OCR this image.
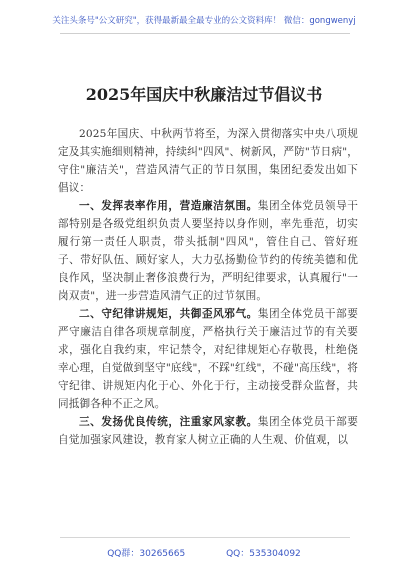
关注头条号"公文研究"，获得最新最全最专业的公文资料库！ 微信：gongwenyj
2025年国庆中秋廉洁过节倡议书

2025年国庆、中秋两节将至，为深入贯彻落实中央八项规定及其实施细则精神，持续纠"四风"、树新风，严防"节日病"，守住"廉洁关"，营造风清气正的节日氛围，集团纪委发出如下倡议：

一、发挥表率作用，营造廉洁氛围。集团全体党员领导干部特别是各级党组织负责人要坚持以身作则，率先垂范，切实履行第一责任人职责，带头抵制"四风"，管住自己、管好班子、带好队伍、顾好家人，大力弘扬勤俭节约的传统美德和优良作风，坚决制止奢侈浪费行为，严明纪律要求，认真履行"一岗双责"，进一步营造风清气正的过节氛围。

二、守纪律讲规矩，共御歪风邪气。集团全体党员干部要严守廉洁自律各项规章制度，严格执行关于廉洁过节的有关要求，强化自我约束，牢记禁令，对纪律规矩心存敬畏，杜绝侥幸心理，自觉做到坚守"底线"，不踩"红线"，不碰"高压线"，将守纪律、讲规矩内化于心、外化于行，主动接受群众监督，共同抵御各种不正之风。

三、发扬优良传统，注重家风家教。集团全体党员干部要自觉加强家风建设，教育家人树立正确的人生观、价值观，以

QQ群：30265665	QQ：535304092
